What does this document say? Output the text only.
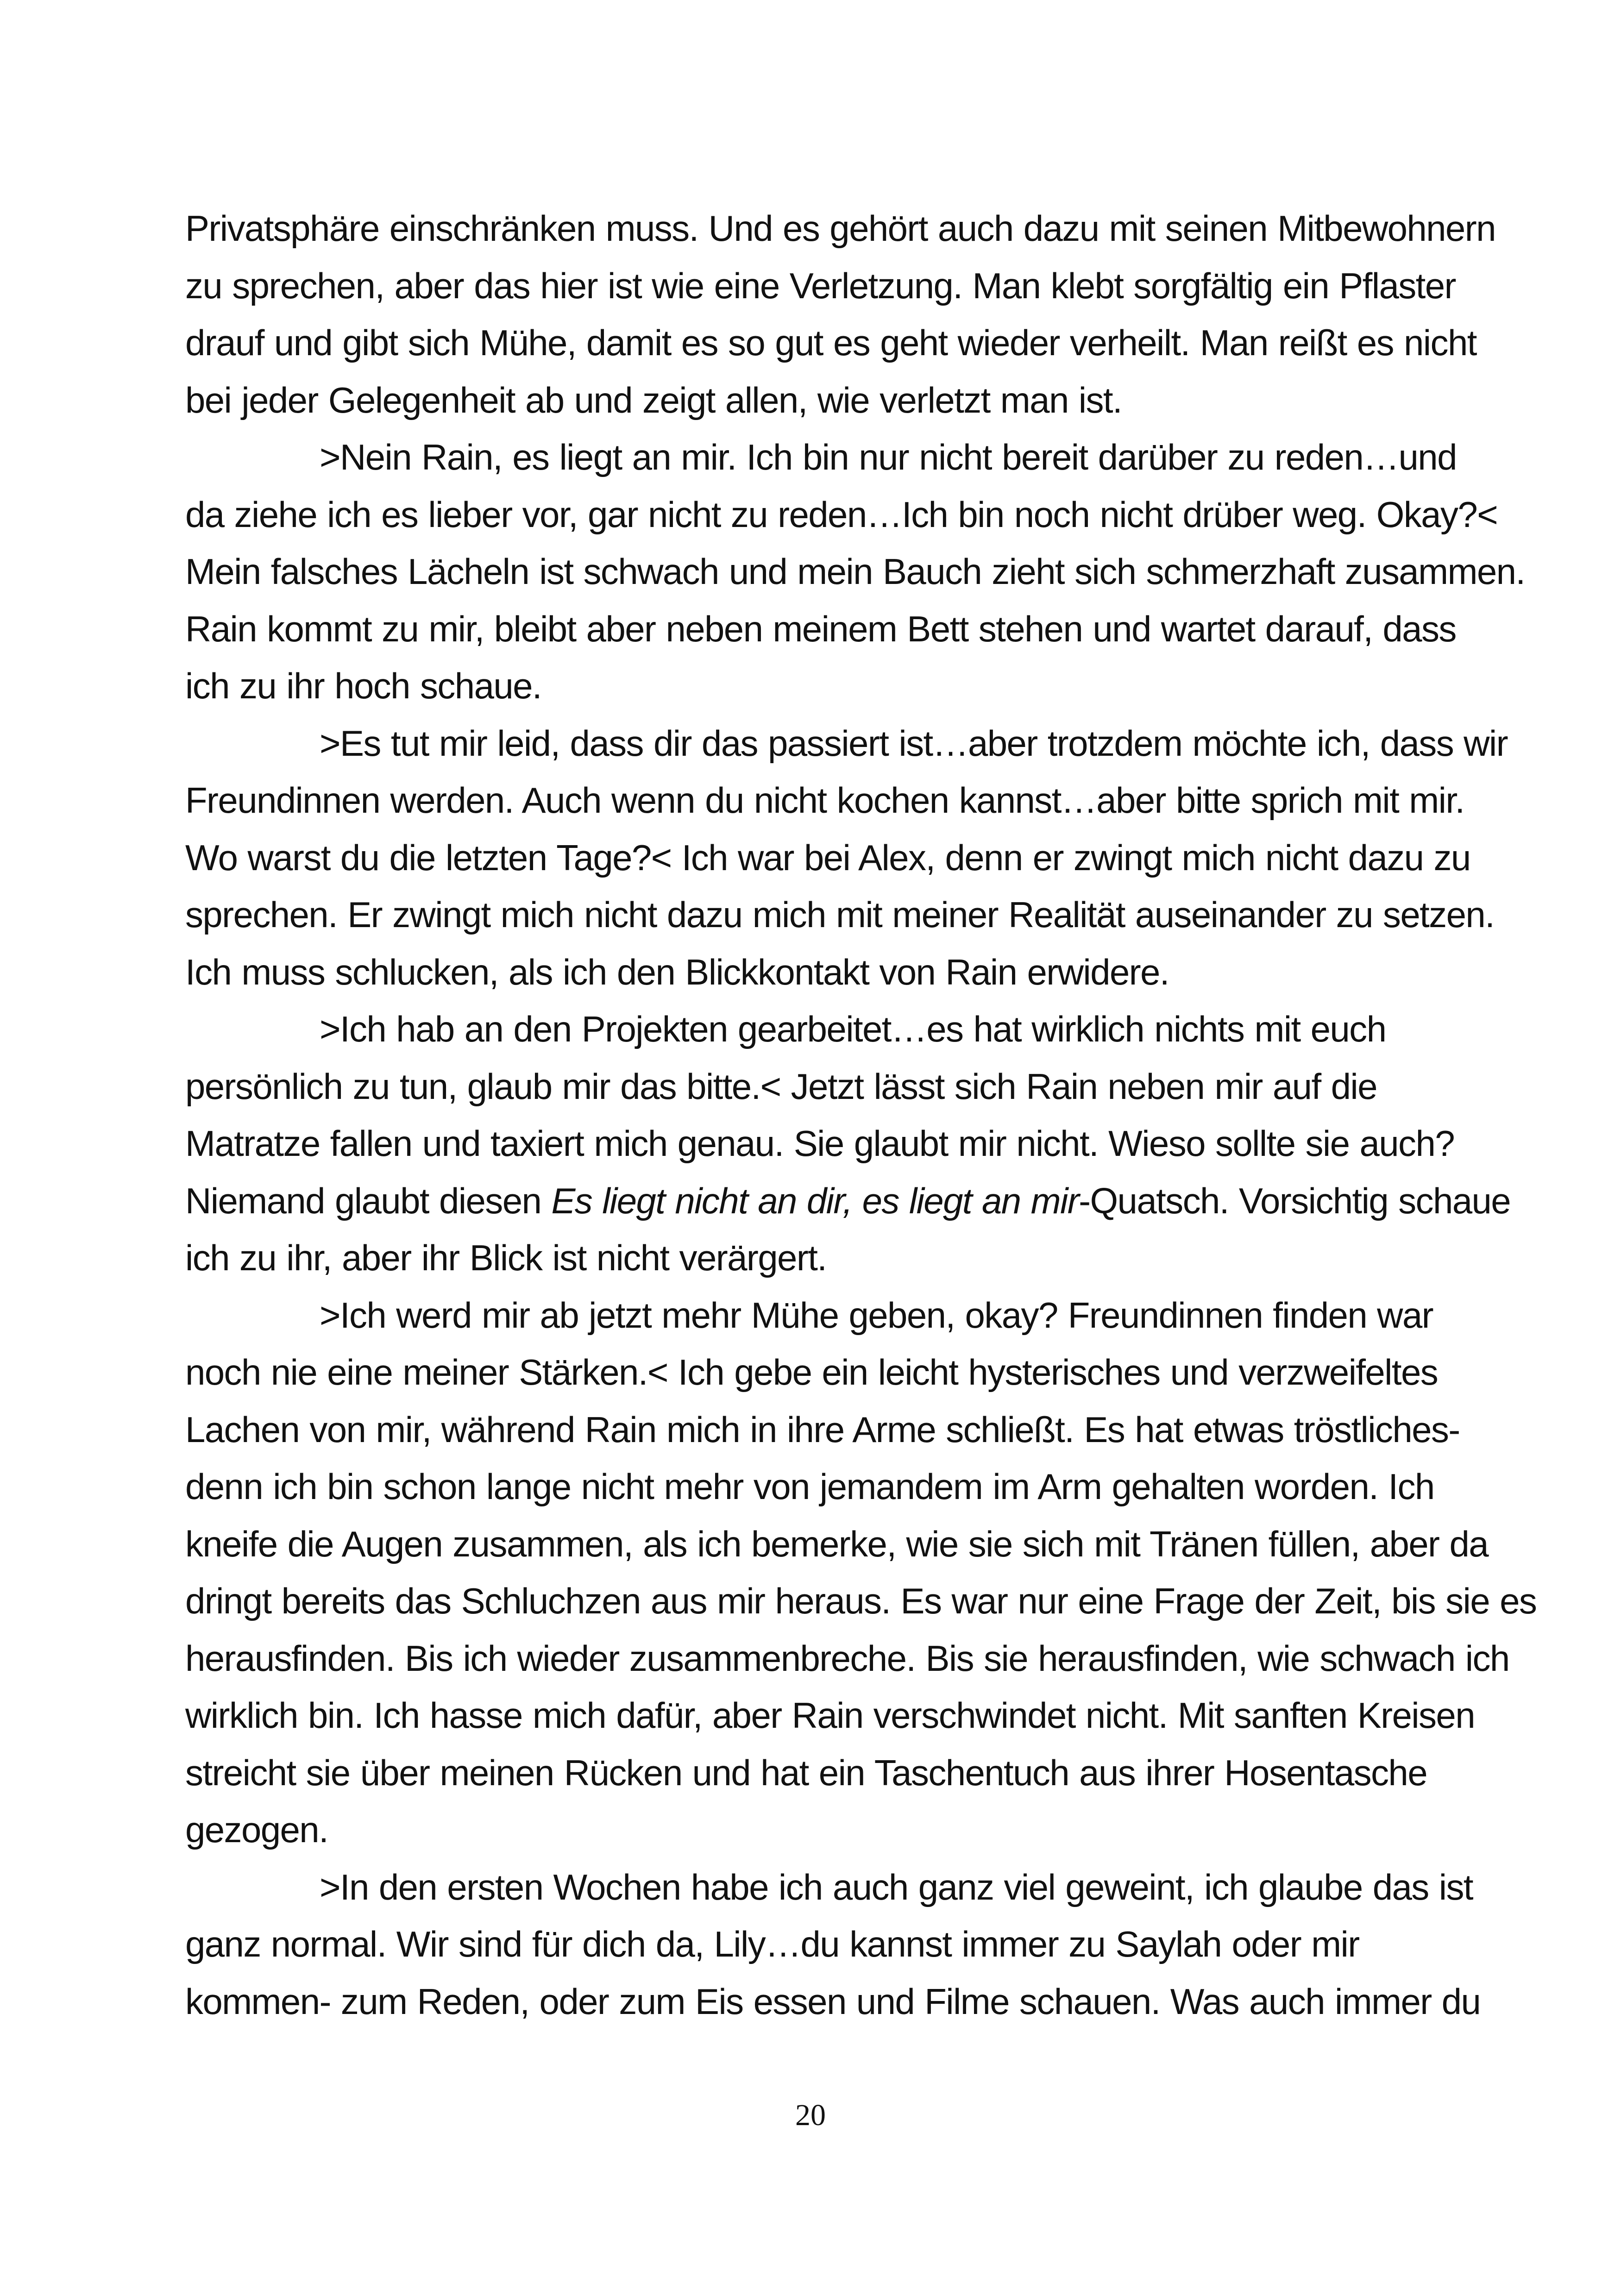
Privatsphäre einschränken muss. Und es gehört auch dazu mit seinen Mitbewohnern
zu sprechen, aber das hier ist wie eine Verletzung. Man klebt sorgfältig ein Pflaster
drauf und gibt sich Mühe, damit es so gut es geht wieder verheilt. Man reißt es nicht
bei jeder Gelegenheit ab und zeigt allen, wie verletzt man ist.

>Nein Rain, es liegt an mir. Ich bin nur nicht bereit darüber zu reden…und
da ziehe ich es lieber vor, gar nicht zu reden…Ich bin noch nicht drüber weg. Okay?<
Mein falsches Lächeln ist schwach und mein Bauch zieht sich schmerzhaft zusammen.
Rain kommt zu mir, bleibt aber neben meinem Bett stehen und wartet darauf, dass
ich zu ihr hoch schaue.

>Es tut mir leid, dass dir das passiert ist…aber trotzdem möchte ich, dass wir
Freundinnen werden. Auch wenn du nicht kochen kannst…aber bitte sprich mit mir.
Wo warst du die letzten Tage?< Ich war bei Alex, denn er zwingt mich nicht dazu zu
sprechen. Er zwingt mich nicht dazu mich mit meiner Realität auseinander zu setzen.
Ich muss schlucken, als ich den Blickkontakt von Rain erwidere.

>Ich hab an den Projekten gearbeitet…es hat wirklich nichts mit euch
persönlich zu tun, glaub mir das bitte.< Jetzt lässt sich Rain neben mir auf die
Matratze fallen und taxiert mich genau. Sie glaubt mir nicht. Wieso sollte sie auch?
Niemand glaubt diesen Es liegt nicht an dir, es liegt an mir-Quatsch. Vorsichtig schaue
ich zu ihr, aber ihr Blick ist nicht verärgert.

>Ich werd mir ab jetzt mehr Mühe geben, okay? Freundinnen finden war
noch nie eine meiner Stärken.< Ich gebe ein leicht hysterisches und verzweifeltes
Lachen von mir, während Rain mich in ihre Arme schließt. Es hat etwas tröstliches-
denn ich bin schon lange nicht mehr von jemandem im Arm gehalten worden. Ich
kneife die Augen zusammen, als ich bemerke, wie sie sich mit Tränen füllen, aber da
dringt bereits das Schluchzen aus mir heraus. Es war nur eine Frage der Zeit, bis sie es
herausfinden. Bis ich wieder zusammenbreche. Bis sie herausfinden, wie schwach ich
wirklich bin. Ich hasse mich dafür, aber Rain verschwindet nicht. Mit sanften Kreisen
streicht sie über meinen Rücken und hat ein Taschentuch aus ihrer Hosentasche
gezogen.

>In den ersten Wochen habe ich auch ganz viel geweint, ich glaube das ist
ganz normal. Wir sind für dich da, Lily…du kannst immer zu Saylah oder mir
kommen- zum Reden, oder zum Eis essen und Filme schauen. Was auch immer du

20
